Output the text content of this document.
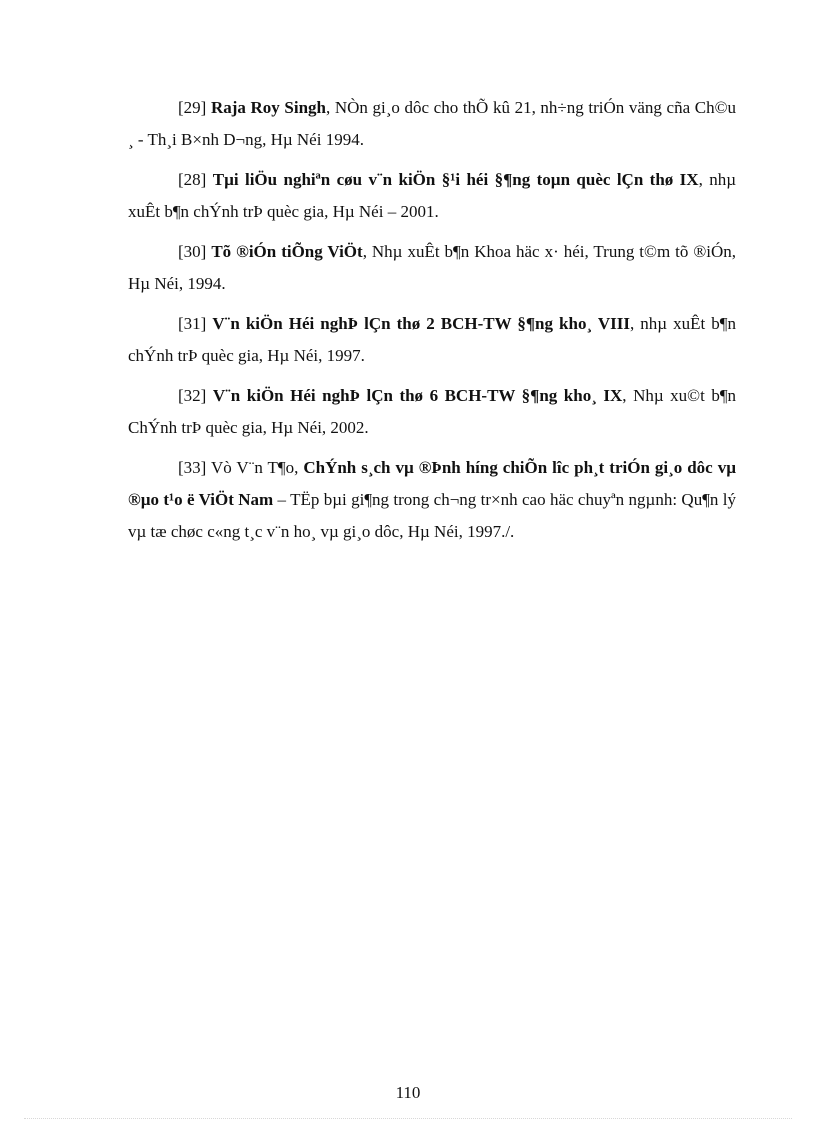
[29] Raja Roy Singh, NÒn gi¸o dôc cho thÕ kû 21, nh÷ng triÓn väng cña Ch©u ¸ - Th¸i B×nh D¬ng, Hµ Néi 1994.

[28] Tµi liÖu nghiªn cøu v¨n kiÖn §¹i héi §¶ng toµn quèc lÇn thø IX, nhµ xuÊt b¶n chÝnh trÞ quèc gia, Hµ Néi – 2001.

[30] Tõ ®iÓn tiÕng ViÖt, Nhµ xuÊt b¶n Khoa häc x· héi, Trung t©m tõ ®iÓn, Hµ Néi, 1994.

[31] V¨n kiÖn Héi nghÞ lÇn thø 2 BCH-TW §¶ng kho¸ VIII, nhµ xuÊt b¶n chÝnh trÞ quèc gia, Hµ Néi, 1997.

[32] V¨n kiÖn Héi nghÞ lÇn thø 6 BCH-TW §¶ng kho¸ IX, Nhµ xu©t b¶n ChÝnh trÞ quèc gia, Hµ Néi, 2002.

[33] Vò V¨n T¶o, ChÝnh s¸ch vµ ®Þnh híng chiÕn lîc ph¸t triÓn gi¸o dôc vµ ®µo t¹o ë ViÖt Nam – TËp bµi gi¶ng trong ch¬ng tr×nh cao häc chuyªn ngµnh: Qu¶n lý vµ tæ chøc c«ng t¸c v¨n ho¸ vµ gi¸o dôc, Hµ Néi, 1997./.

110
